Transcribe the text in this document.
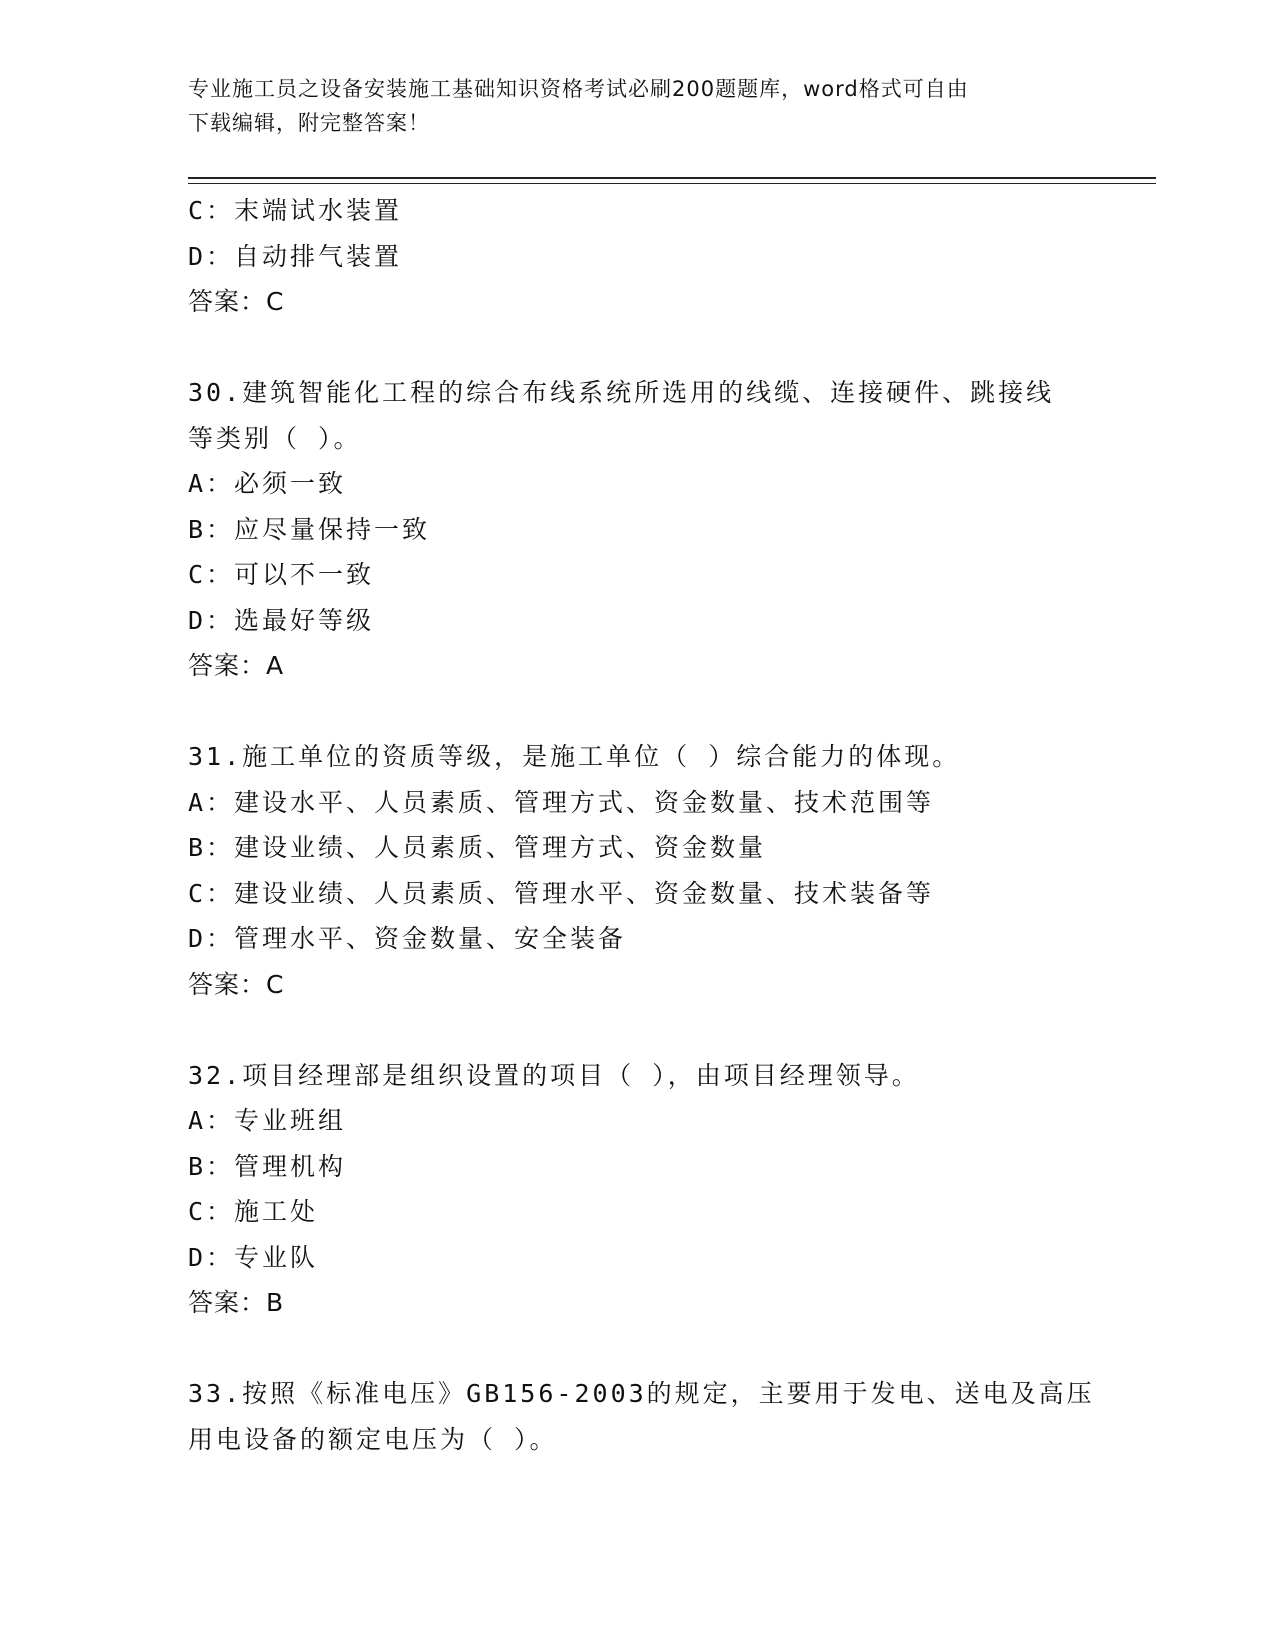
专业施工员之设备安装施工基础知识资格考试必刷200题题库，word格式可自由
下载编辑，附完整答案！
C：末端试水装置
D：自动排气装置
答案：C
30.建筑智能化工程的综合布线系统所选用的线缆、连接硬件、跳接线
等类别（ ）。
A：必须一致
B：应尽量保持一致
C：可以不一致
D：选最好等级
答案：A
31.施工单位的资质等级，是施工单位（ ）综合能力的体现。
A：建设水平、人员素质、管理方式、资金数量、技术范围等
B：建设业绩、人员素质、管理方式、资金数量
C：建设业绩、人员素质、管理水平、资金数量、技术装备等
D：管理水平、资金数量、安全装备
答案：C
32.项目经理部是组织设置的项目（ ），由项目经理领导。
A：专业班组
B：管理机构
C：施工处
D：专业队
答案：B
33.按照《标准电压》GB156-2003的规定，主要用于发电、送电及高压
用电设备的额定电压为（ ）。
